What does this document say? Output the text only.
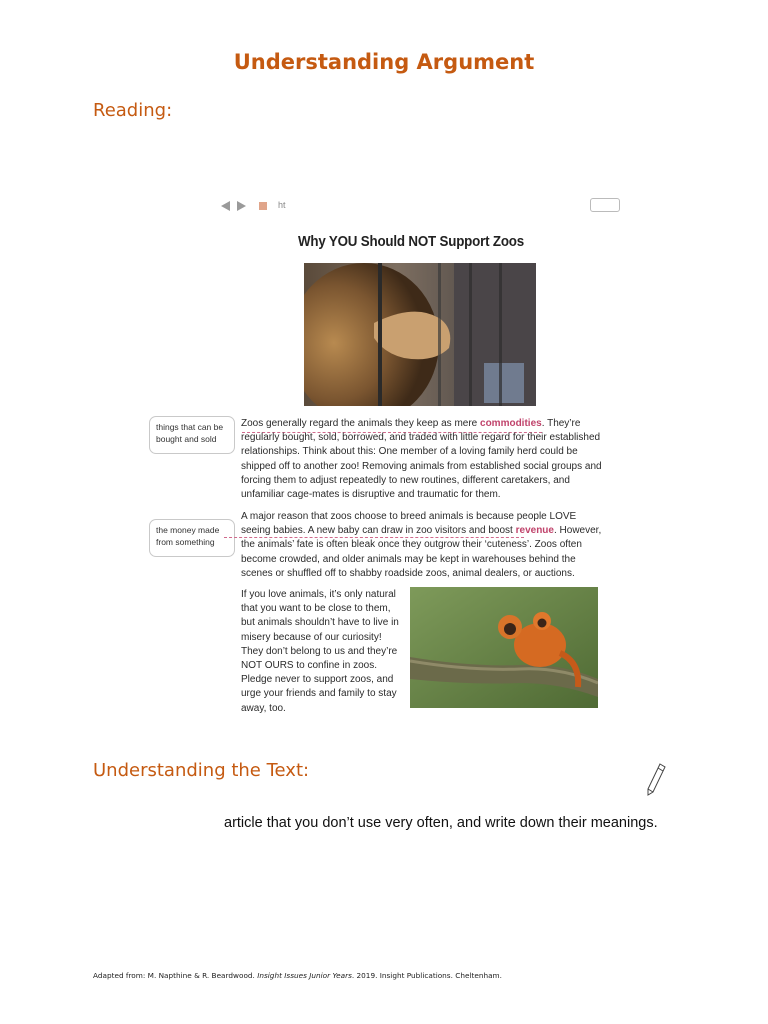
Understanding Argument
Reading:
ht
Why YOU Should NOT Support Zoos
things that can be bought and sold
the money made from something
Zoos generally regard the animals they keep as mere commodities. They’re regularly bought, sold, borrowed, and traded with little regard for their established relationships. Think about this: One member of a loving family herd could be shipped off to another zoo! Removing animals from established social groups and forcing them to adjust repeatedly to new routines, different caretakers, and unfamiliar cage-mates is disruptive and traumatic for them.
A major reason that zoos choose to breed animals is because people LOVE seeing babies. A new baby can draw in zoo visitors and boost revenue. However, the animals’ fate is often bleak once they outgrow their ‘cuteness’. Zoos often become crowded, and older animals may be kept in warehouses behind the scenes or shuffled off to shabby roadside zoos, animal dealers, or auctions.
If you love animals, it’s only natural that you want to be close to them, but animals shouldn’t have to live in misery because of our curiosity! They don’t belong to us and they’re NOT OURS to confine in zoos. Pledge never to support zoos, and urge your friends and family to stay away, too.
Understanding the Text:
article that you don’t use very often, and write down their meanings.
Adapted from: M. Napthine & R. Beardwood. Insight Issues Junior Years. 2019. Insight Publications. Cheltenham.
